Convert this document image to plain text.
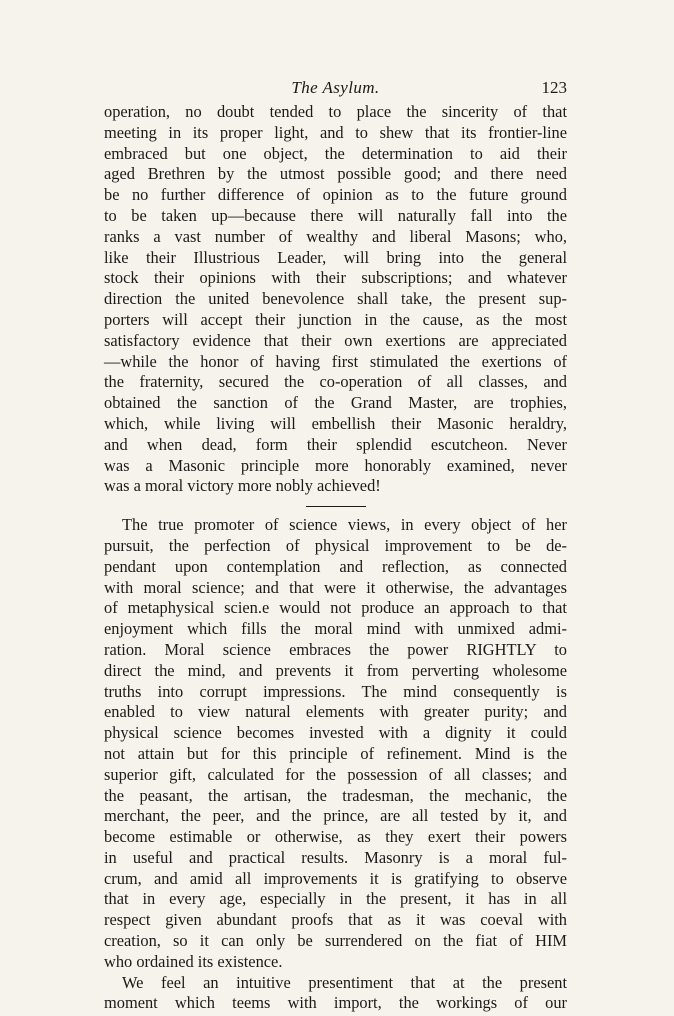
The Asylum.	123
operation, no doubt tended to place the sincerity of that
meeting in its proper light, and to shew that its frontier-line
embraced but one object, the determination to aid their
aged Brethren by the utmost possible good; and there need
be no further difference of opinion as to the future ground
to be taken up—because there will naturally fall into the
ranks a vast number of wealthy and liberal Masons; who,
like their Illustrious Leader, will bring into the general
stock their opinions with their subscriptions; and whatever
direction the united benevolence shall take, the present sup-
porters will accept their junction in the cause, as the most
satisfactory evidence that their own exertions are appreciated
—while the honor of having first stimulated the exertions of
the fraternity, secured the co-operation of all classes, and
obtained the sanction of the Grand Master, are trophies,
which, while living will embellish their Masonic heraldry,
and when dead, form their splendid escutcheon. Never
was a Masonic principle more honorably examined, never
was a moral victory more nobly achieved!
The true promoter of science views, in every object of her
pursuit, the perfection of physical improvement to be de-
pendant upon contemplation and reflection, as connected
with moral science; and that were it otherwise, the advantages
of metaphysical scien.e would not produce an approach to that
enjoyment which fills the moral mind with unmixed admi-
ration. Moral science embraces the power RIGHTLY to
direct the mind, and prevents it from perverting wholesome
truths into corrupt impressions. The mind consequently is
enabled to view natural elements with greater purity; and
physical science becomes invested with a dignity it could
not attain but for this principle of refinement. Mind is the
superior gift, calculated for the possession of all classes; and
the peasant, the artisan, the tradesman, the mechanic, the
merchant, the peer, and the prince, are all tested by it, and
become estimable or otherwise, as they exert their powers
in useful and practical results. Masonry is a moral ful-
crum, and amid all improvements it is gratifying to observe
that in every age, especially in the present, it has in all
respect given abundant proofs that as it was coeval with
creation, so it can only be surrendered on the fiat of HIM
who ordained its existence.
We feel an intuitive presentiment that at the present
moment which teems with import, the workings of our
